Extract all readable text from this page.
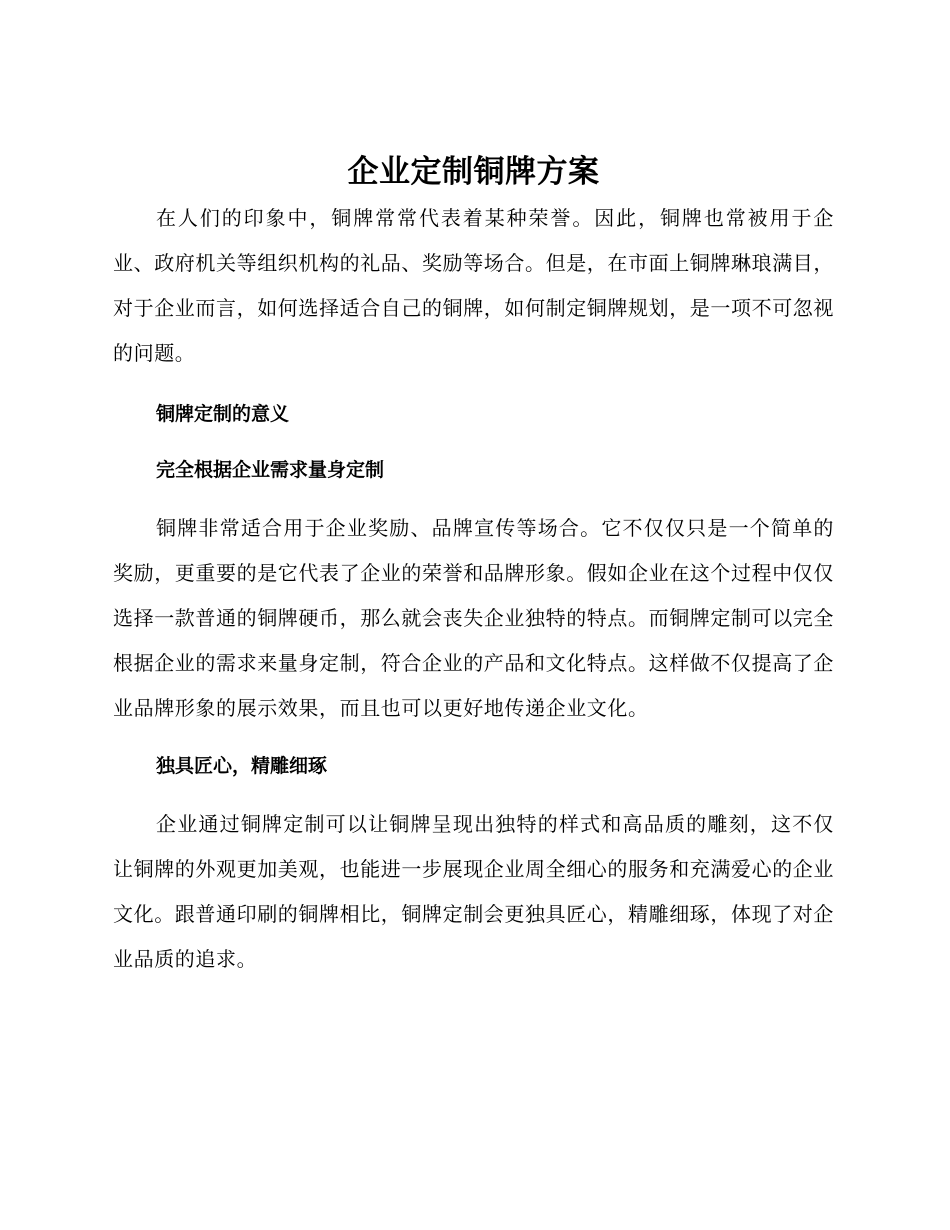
企业定制铜牌方案

在人们的印象中，铜牌常常代表着某种荣誉。因此，铜牌也常被用于企业、政府机关等组织机构的礼品、奖励等场合。但是，在市面上铜牌琳琅满目，对于企业而言，如何选择适合自己的铜牌，如何制定铜牌规划，是一项不可忽视的问题。

铜牌定制的意义
完全根据企业需求量身定制

铜牌非常适合用于企业奖励、品牌宣传等场合。它不仅仅只是一个简单的奖励，更重要的是它代表了企业的荣誉和品牌形象。假如企业在这个过程中仅仅选择一款普通的铜牌硬币，那么就会丧失企业独特的特点。而铜牌定制可以完全根据企业的需求来量身定制，符合企业的产品和文化特点。这样做不仅提高了企业品牌形象的展示效果，而且也可以更好地传递企业文化。

独具匠心，精雕细琢

企业通过铜牌定制可以让铜牌呈现出独特的样式和高品质的雕刻，这不仅让铜牌的外观更加美观，也能进一步展现企业周全细心的服务和充满爱心的企业文化。跟普通印刷的铜牌相比，铜牌定制会更独具匠心，精雕细琢，体现了对企业品质的追求。
